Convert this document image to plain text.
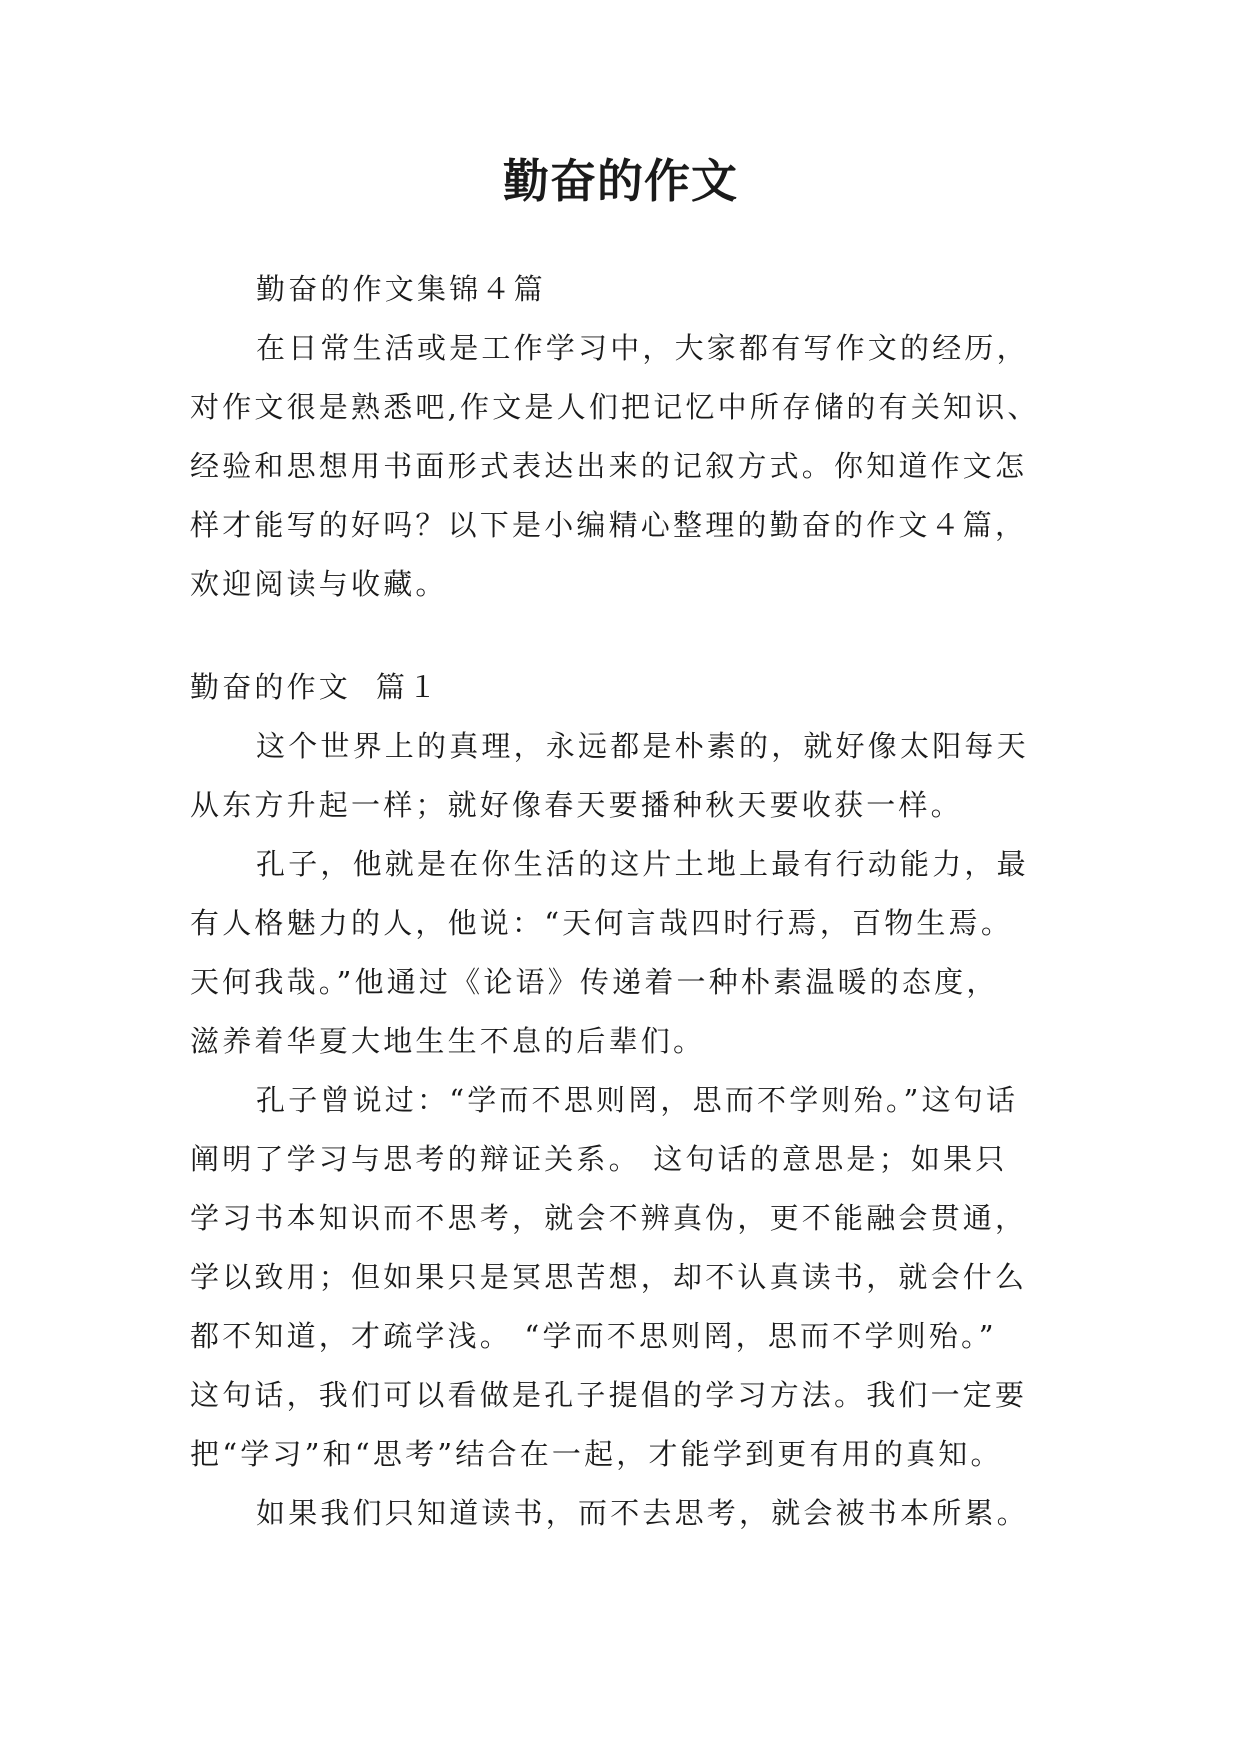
勤奋的作文
勤奋的作文集锦４篇
在日常生活或是工作学习中，大家都有写作文的经历，
对作文很是熟悉吧,作文是人们把记忆中所存储的有关知识、
经验和思想用书面形式表达出来的记叙方式。你知道作文怎
样才能写的好吗？以下是小编精心整理的勤奋的作文４篇，
欢迎阅读与收藏。
勤奋的作文  篇１
这个世界上的真理，永远都是朴素的，就好像太阳每天
从东方升起一样；就好像春天要播种秋天要收获一样。
孔子，他就是在你生活的这片土地上最有行动能力，最
有人格魅力的人，他说：“天何言哉四时行焉，百物生焉。
天何我哉。”他通过《论语》传递着一种朴素温暖的态度，
滋养着华夏大地生生不息的后辈们。
孔子曾说过：“学而不思则罔，思而不学则殆。”这句话
阐明了学习与思考的辩证关系。 这句话的意思是；如果只
学习书本知识而不思考，就会不辨真伪，更不能融会贯通，
学以致用；但如果只是冥思苦想，却不认真读书，就会什么
都不知道，才疏学浅。 “学而不思则罔，思而不学则殆。”
这句话，我们可以看做是孔子提倡的学习方法。我们一定要
把“学习”和“思考”结合在一起，才能学到更有用的真知。
如果我们只知道读书，而不去思考，就会被书本所累。
